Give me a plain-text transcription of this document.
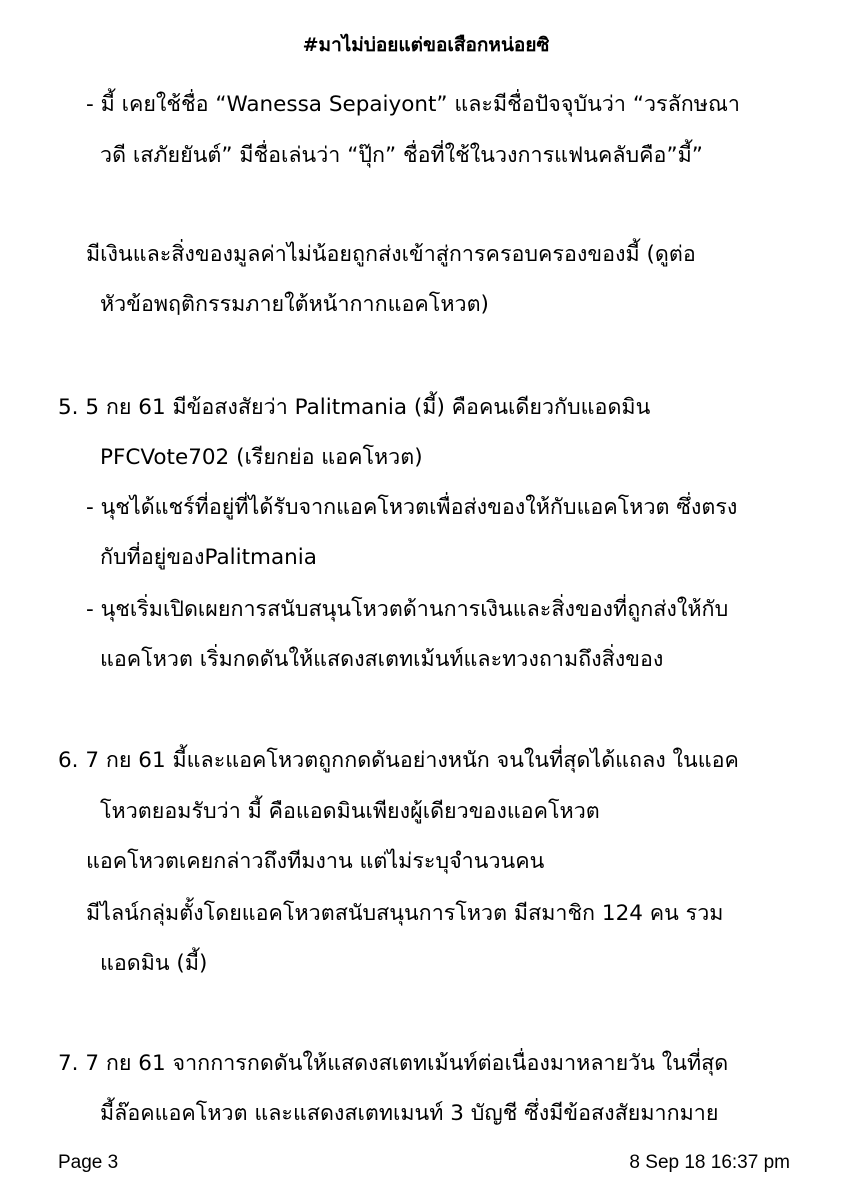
#มาไม่บ่อยแต่ขอเสือกหน่อยซิ
- มี้ เคยใช้ชื่อ “Wanessa Sepaiyont” และมีชื่อปัจจุบันว่า “วรลักษณา
วดี เสภัยยันต์” มีชื่อเล่นว่า “ปุ๊ก” ชื่อที่ใช้ในวงการแฟนคลับคือ”มี้”
มีเงินและสิ่งของมูลค่าไม่น้อยถูกส่งเข้าสู่การครอบครองของมี้ (ดูต่อ
หัวข้อพฤติกรรมภายใต้หน้ากากแอคโหวต)
5. 5 กย 61 มีข้อสงสัยว่า Palitmania (มี้) คือคนเดียวกับแอดมิน
PFCVote702 (เรียกย่อ แอคโหวต)
- นุชได้แชร์ที่อยู่ที่ได้รับจากแอคโหวตเพื่อส่งของให้กับแอคโหวต ซึ่งตรง
กับที่อยู่ของPalitmania
- นุชเริ่มเปิดเผยการสนับสนุนโหวตด้านการเงินและสิ่งของที่ถูกส่งให้กับ
แอคโหวต เริ่มกดดันให้แสดงสเตทเม้นท์และทวงถามถึงสิ่งของ
6. 7 กย 61 มี้และแอคโหวตถูกกดดันอย่างหนัก จนในที่สุดได้แถลง ในแอค
โหวตยอมรับว่า มี้ คือแอดมินเพียงผู้เดียวของแอคโหวต
แอคโหวตเคยกล่าวถึงทีมงาน แต่ไม่ระบุจำนวนคน
มีไลน์กลุ่มตั้งโดยแอคโหวตสนับสนุนการโหวต มีสมาชิก 124 คน รวม
แอดมิน (มี้)
7. 7 กย 61 จากการกดดันให้แสดงสเตทเม้นท์ต่อเนื่องมาหลายวัน ในที่สุด
มี้ล๊อคแอคโหวต และแสดงสเตทเมนท์ 3 บัญชี ซึ่งมีข้อสงสัยมากมาย
Page 3	8 Sep 18 16:37 pm
